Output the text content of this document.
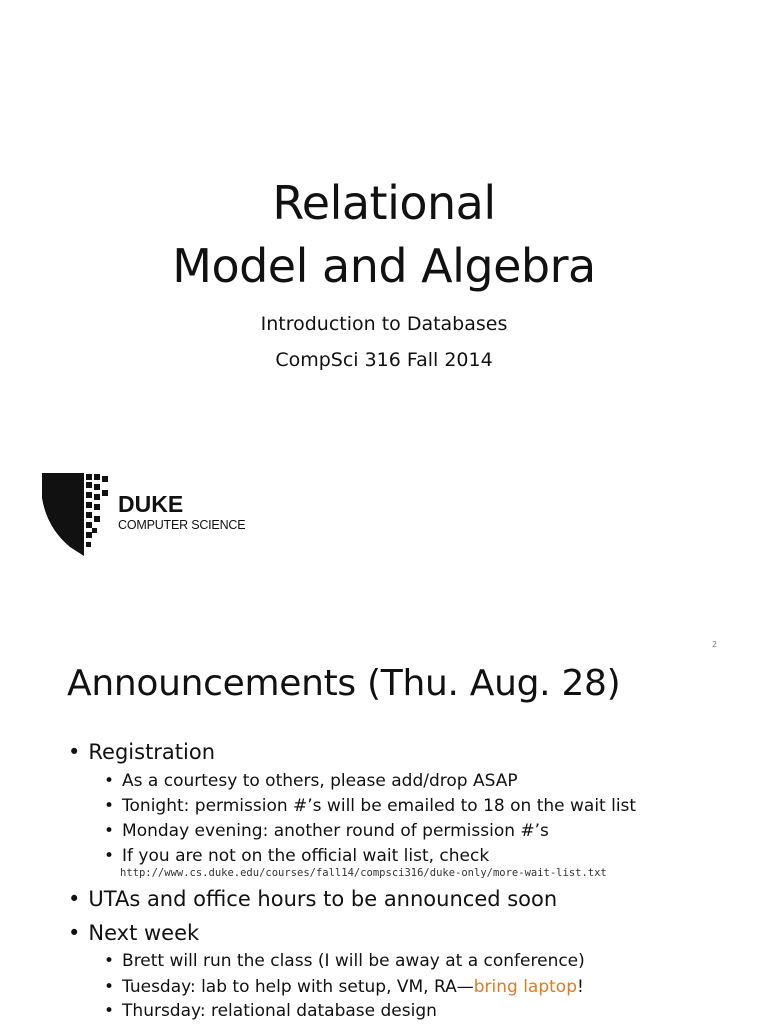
Relational
Model and Algebra
Introduction to Databases
CompSci 316 Fall 2014
DUKE
COMPUTER SCIENCE
2
Announcements (Thu. Aug. 28)
• Registration
• As a courtesy to others, please add/drop ASAP
• Tonight: permission #’s will be emailed to 18 on the wait list
• Monday evening: another round of permission #’s
• If you are not on the official wait list, check
http://www.cs.duke.edu/courses/fall14/compsci316/duke-only/more-wait-list.txt
• UTAs and office hours to be announced soon
• Next week
• Brett will run the class (I will be away at a conference)
• Tuesday: lab to help with setup, VM, RA—bring laptop!
• Thursday: relational database design
